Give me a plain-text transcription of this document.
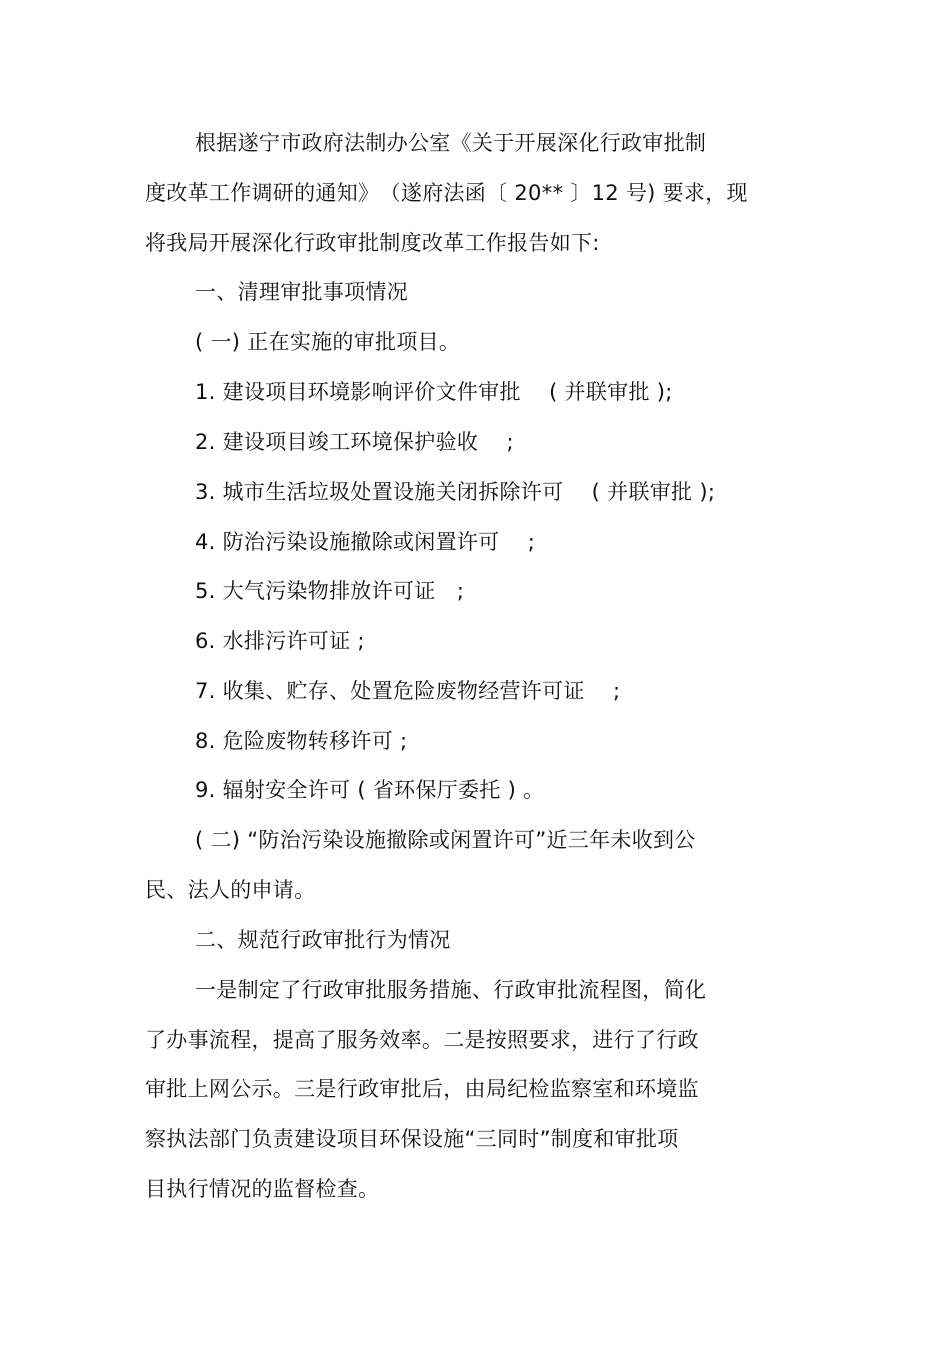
根据遂宁市政府法制办公室《关于开展深化行政审批制
度改革工作调研的通知》　（遂府法函〔 20** 〕12 号) 要求，现
将我局开展深化行政审批制度改革工作报告如下:
一、清理审批事项情况
( 一) 正在实施的审批项目。
1. 建设项目环境影响评价文件审批　 ( 并联审批 );
2. 建设项目竣工环境保护验收　 ;
3. 城市生活垃圾处置设施关闭拆除许可　 ( 并联审批 );
4. 防治污染设施撤除或闲置许可　 ;
5. 大气污染物排放许可证　;
6. 水排污许可证 ;
7. 收集、贮存、处置危险废物经营许可证　 ;
8. 危险废物转移许可 ;
9. 辐射安全许可 ( 省环保厅委托 ) 。
( 二) “防治污染设施撤除或闲置许可”近三年未收到公
民、法人的申请。
二、规范行政审批行为情况
一是制定了行政审批服务措施、行政审批流程图，简化
了办事流程，提高了服务效率。二是按照要求，进行了行政
审批上网公示。三是行政审批后，由局纪检监察室和环境监
察执法部门负责建设项目环保设施“三同时”制度和审批项
目执行情况的监督检查。
